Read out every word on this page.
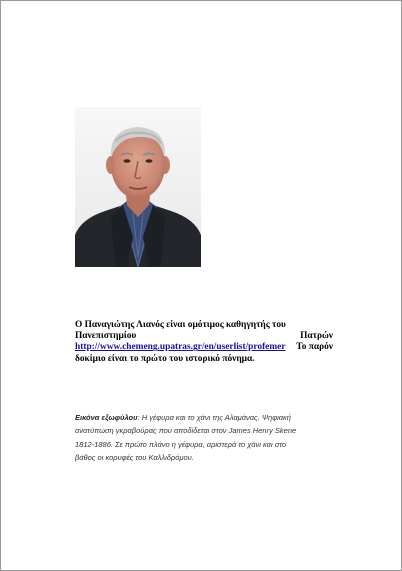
Ο Παναγιώτης Λιανός είναι ομότιμος καθηγητής του
Πανεπιστημίου	Πατρών
http://www.chemeng.upatras.gr/en/userlist/profemer Το παρόν
δοκίμιο είναι το πρώτο του ιστορικό πόνημα.
Εικόνα εξωφύλου: Η γέφυρα και το χάνι της Αλαμάνας. Ψηφιακή
ανατύπωση γκραβούρας που αποδίδεται στον James Henry Skene
1812-1886. Σε πρώτο πλάνο η γέφυρα, αριστερά το χάνι και στο
βάθος οι κορυφές του Καλλιδρόμου.
